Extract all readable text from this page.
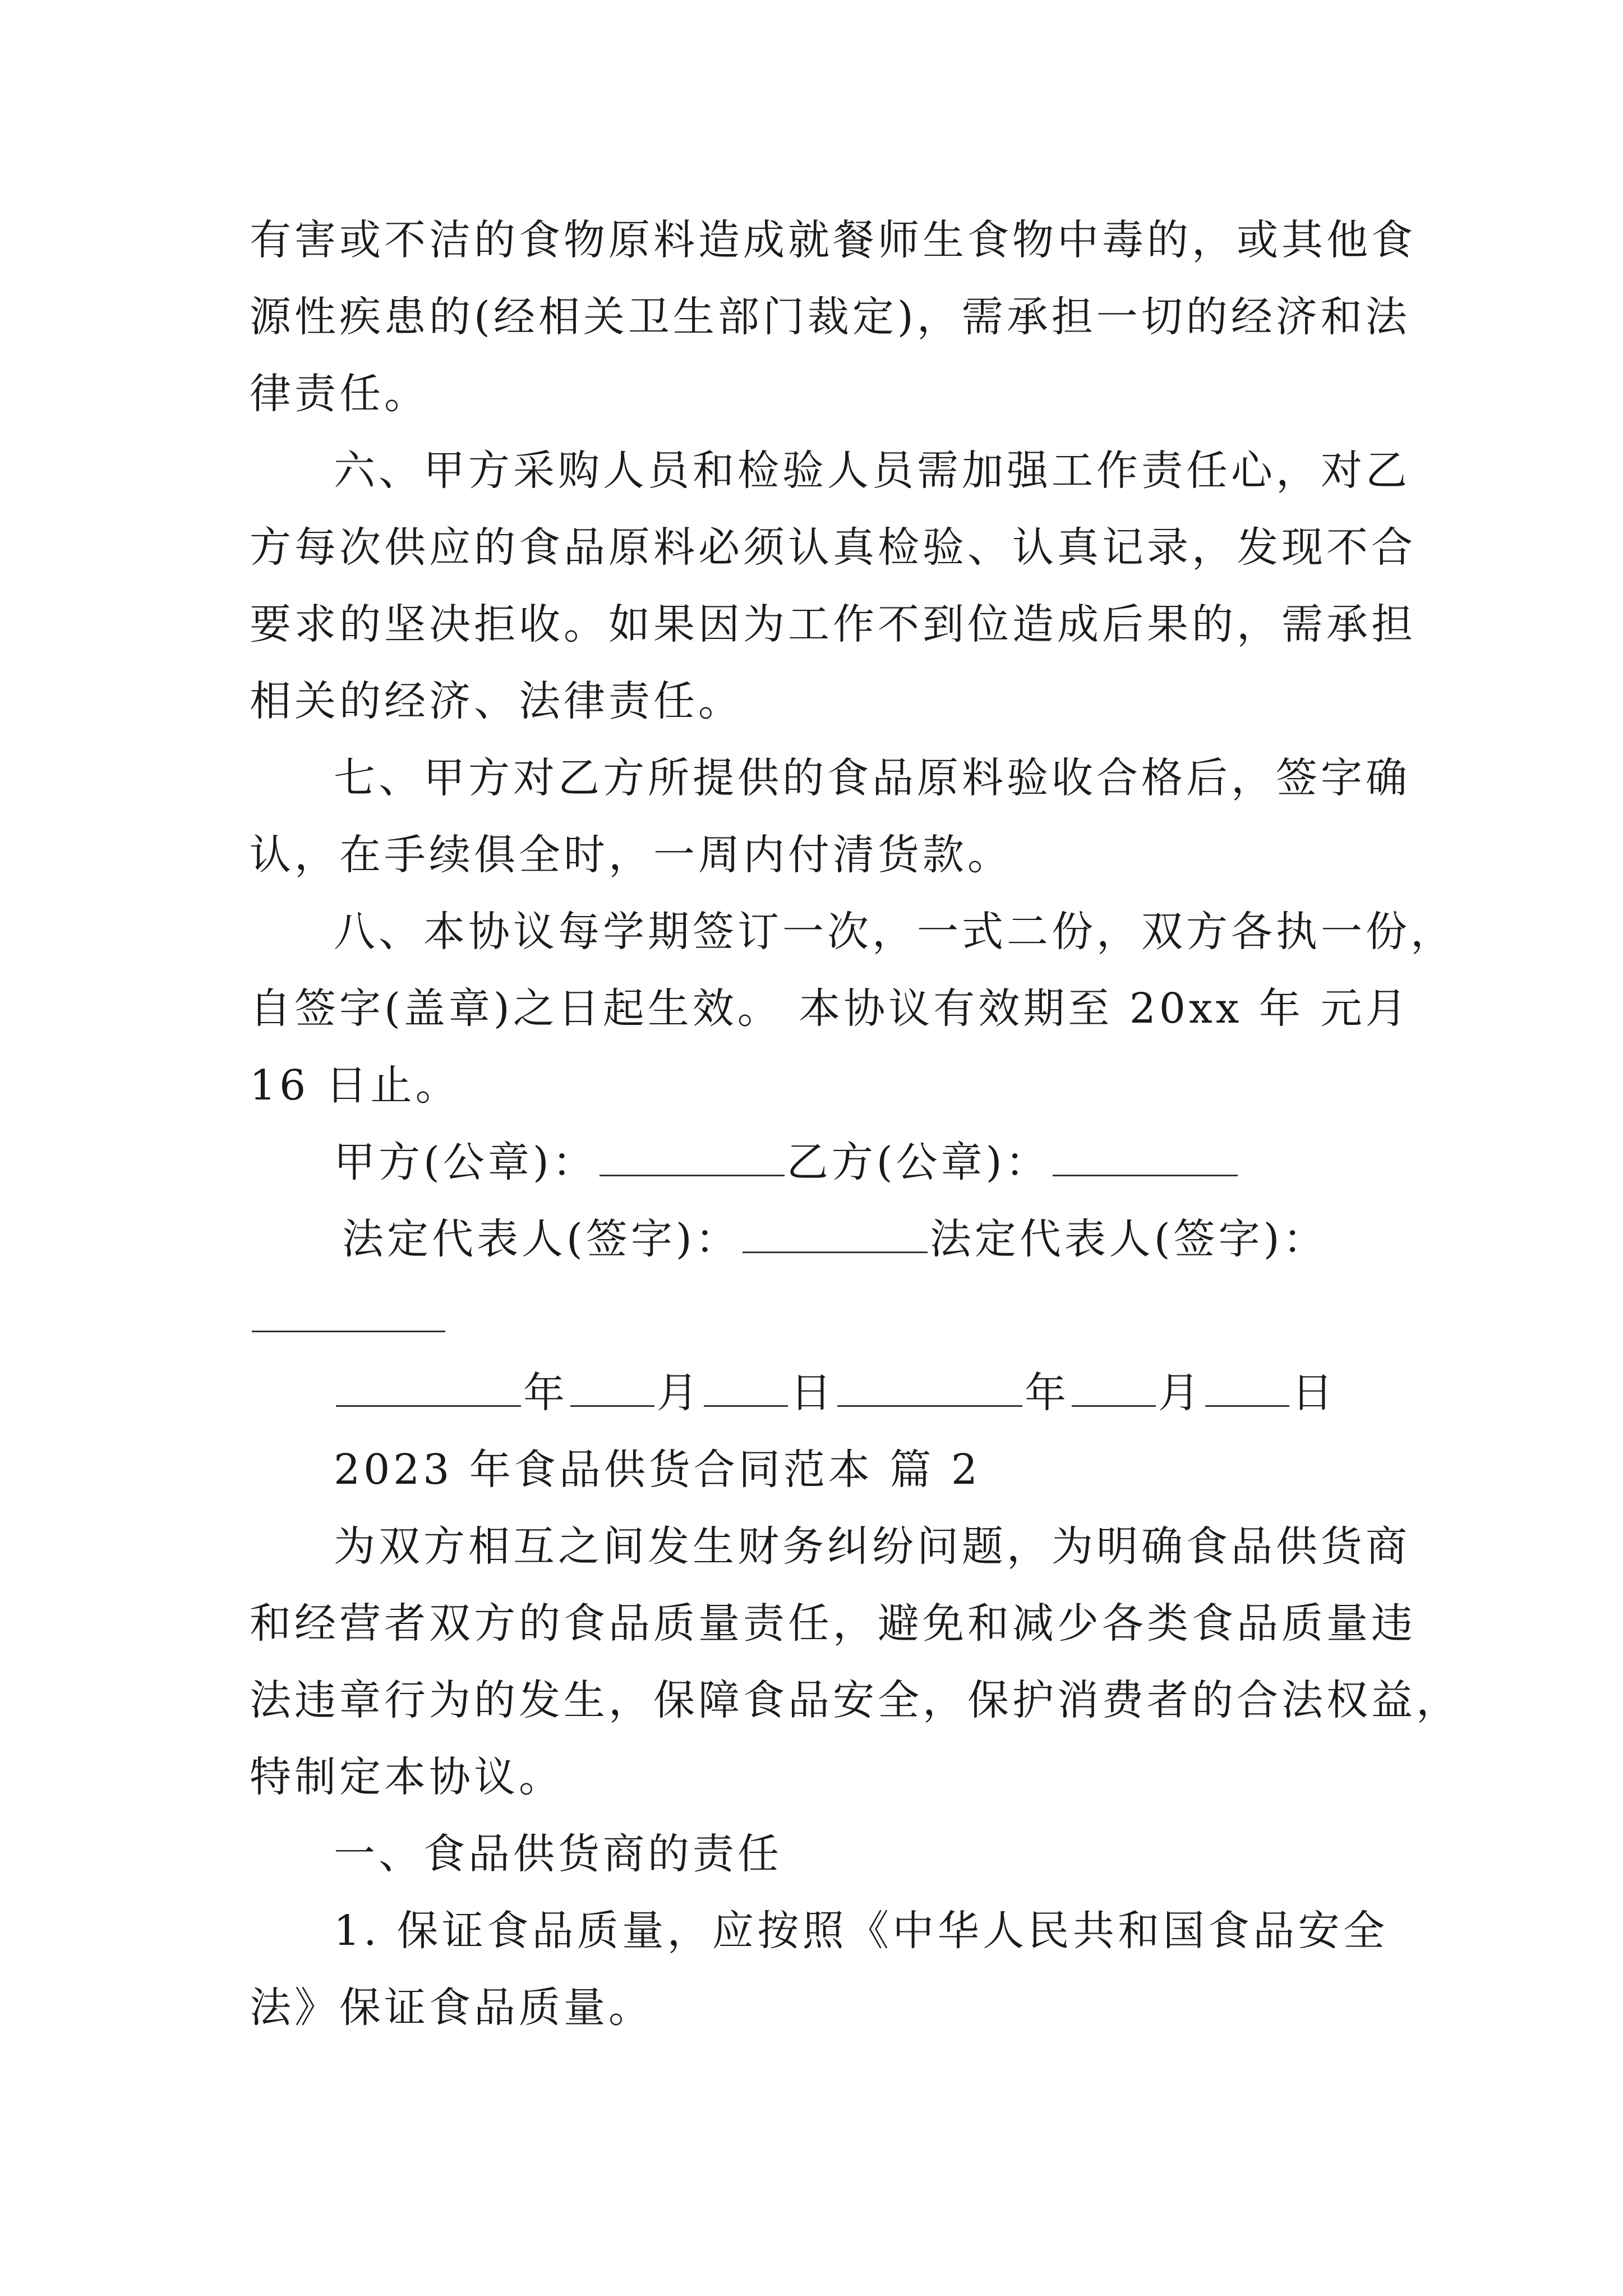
有害或不洁的食物原料造成就餐师生食物中毒的，或其他食
源性疾患的(经相关卫生部门裁定)，需承担一切的经济和法
律责任。
六、甲方采购人员和检验人员需加强工作责任心，对乙
方每次供应的食品原料必须认真检验、认真记录，发现不合
要求的坚决拒收。如果因为工作不到位造成后果的，需承担
相关的经济、法律责任。
七、甲方对乙方所提供的食品原料验收合格后，签字确
认，在手续俱全时，一周内付清货款。
八、本协议每学期签订一次，一式二份，双方各执一份，
自签字(盖章)之日起生效。 本协议有效期至 20xx 年 元月
16 日止。
甲方(公章)：	乙方(公章)：
法定代表人(签字)：	法定代表人(签字)：
年 月 日	年 月 日
2023 年食品供货合同范本 篇 2
为双方相互之间发生财务纠纷问题，为明确食品供货商
和经营者双方的食品质量责任，避免和减少各类食品质量违
法违章行为的发生，保障食品安全，保护消费者的合法权益，
特制定本协议。
一、食品供货商的责任
1. 保证食品质量，应按照《中华人民共和国食品安全
法》保证食品质量。
